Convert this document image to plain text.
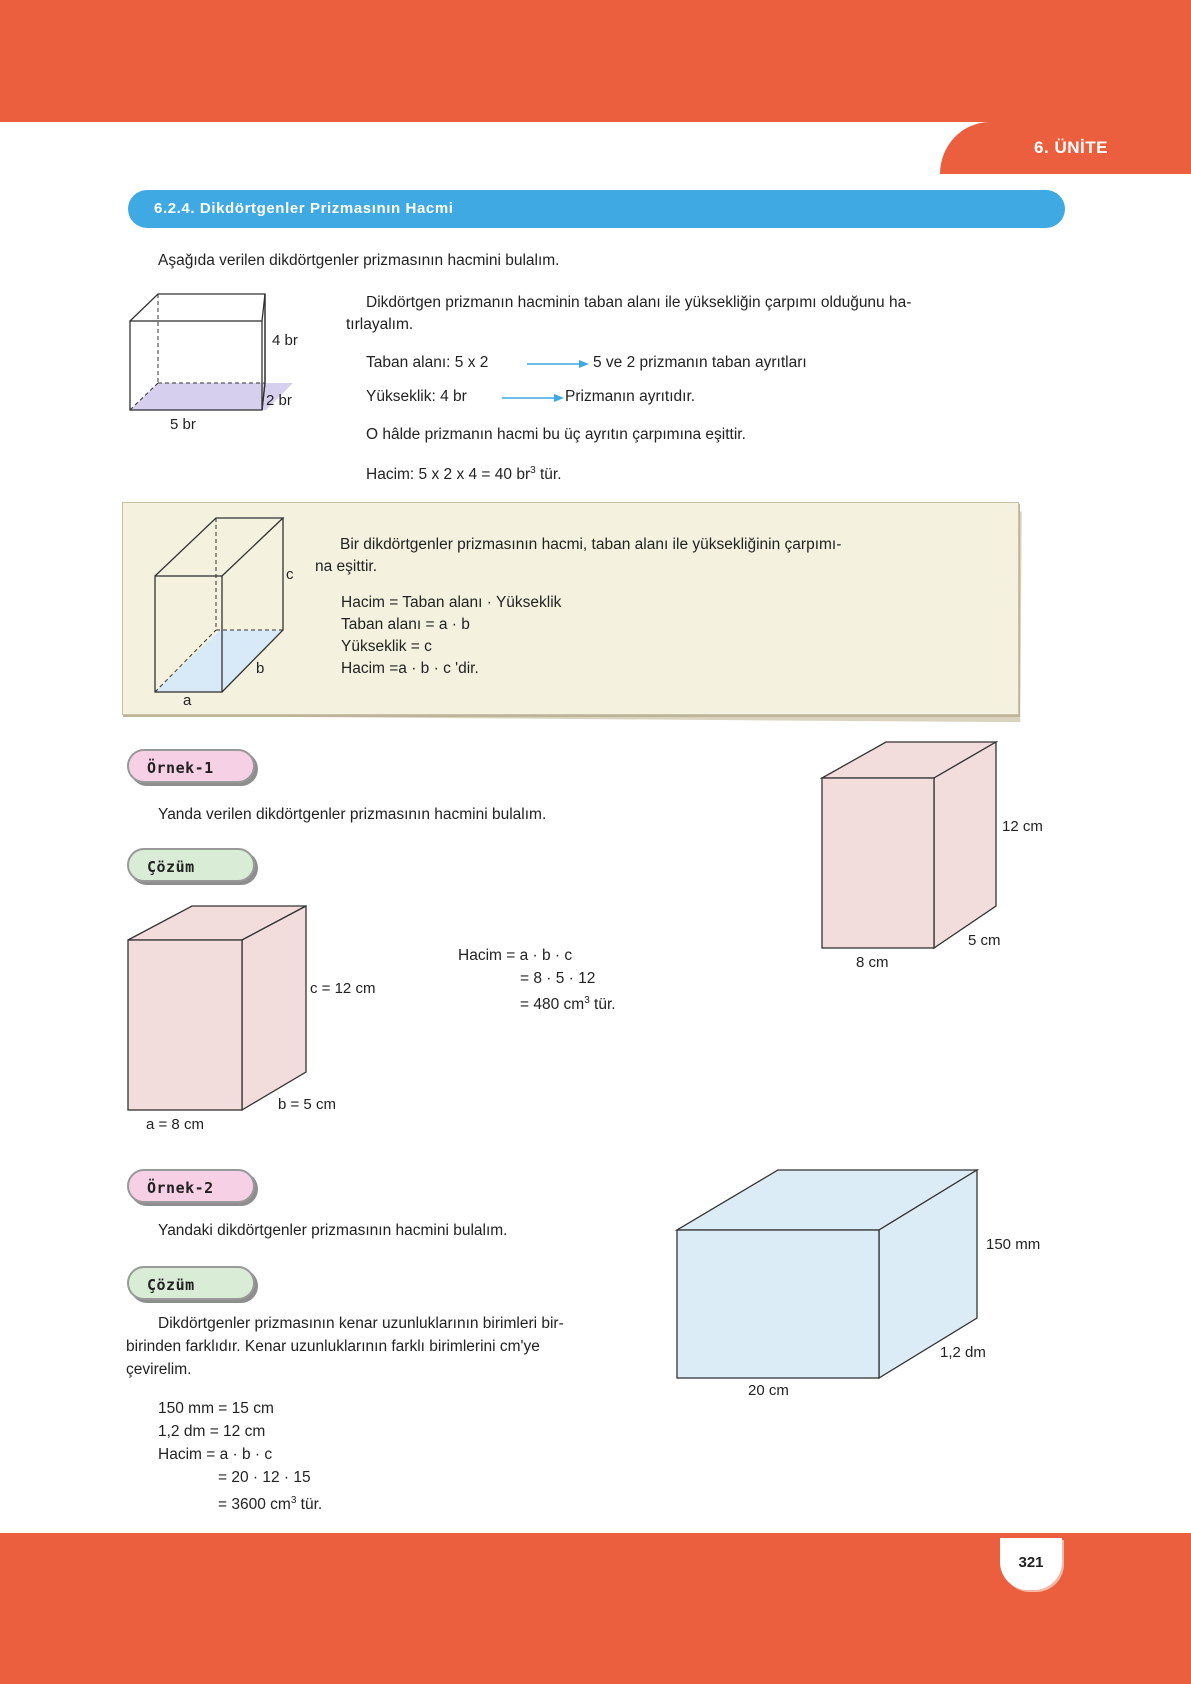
6. ÜNİTE
6.2.4. Dikdörtgenler Prizmasının Hacmi
Aşağıda verilen dikdörtgenler prizmasının hacmini bulalım.
4 br
2 br
5 br
Dikdörtgen prizmanın hacminin taban alanı ile yüksekliğin çarpımı olduğunu ha-
tırlayalım.
Taban alanı: 5 x 2	5 ve 2 prizmanın taban ayrıtları
Yükseklik: 4 br	Prizmanın ayrıtıdır.
O hâlde prizmanın hacmi bu üç ayrıtın çarpımına eşittir.
Hacim: 5 x 2 x 4 = 40 $br^3$ tür.
c
b
a
Bir dikdörtgenler prizmasının hacmi, taban alanı ile yüksekliğinin çarpımı-
na eşittir.
Hacim = Taban alanı · Yükseklik
Taban alanı = a · b
Yükseklik = c
Hacim =a · b · c 'dir.
Örnek-1
Yanda verilen dikdörtgenler prizmasının hacmini bulalım.
12 cm
5 cm
8 cm
Çözüm
c = 12 cm
b = 5 cm
a = 8 cm
Hacim = a · b · c
= 8 · 5 · 12
= 480 $cm^3$ tür.
Örnek-2
Yandaki dikdörtgenler prizmasının hacmini bulalım.
150 mm
1,2 dm
20 cm
Çözüm
Dikdörtgenler prizmasının kenar uzunluklarının birimleri bir-
birinden farklıdır. Kenar uzunluklarının farklı birimlerini cm'ye
çevirelim.
150 mm = 15 cm
1,2 dm = 12 cm
Hacim = a · b · c
= 20 · 12 · 15
= 3600 $cm^3$ tür.
321
